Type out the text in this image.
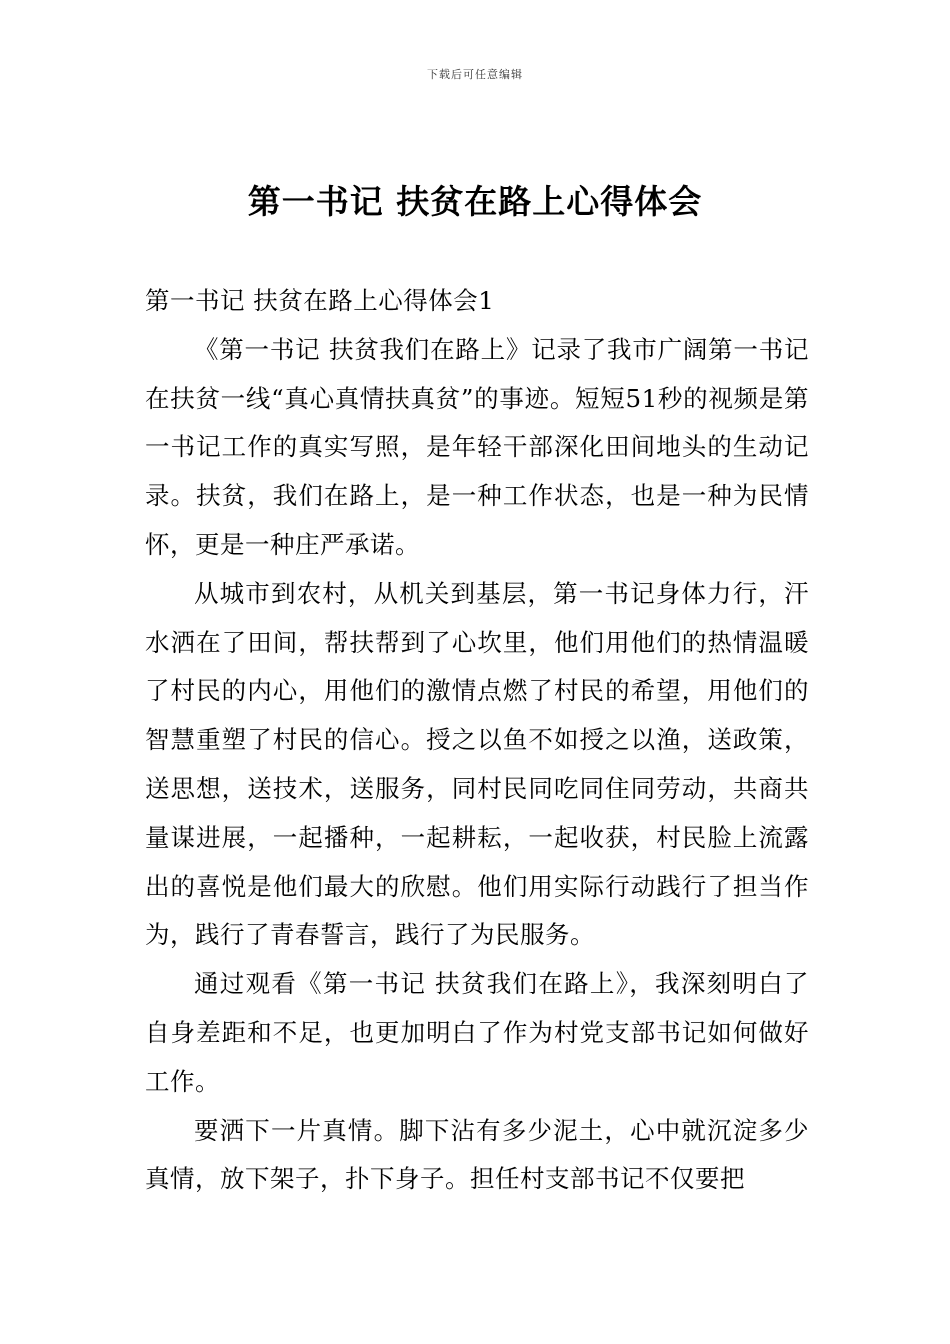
下载后可任意编辑
第一书记 扶贫在路上心得体会

第一书记 扶贫在路上心得体会1

《第一书记 扶贫我们在路上》记录了我市广阔第一书记在扶贫一线“真心真情扶真贫”的事迹。短短51秒的视频是第一书记工作的真实写照，是年轻干部深化田间地头的生动记录。扶贫，我们在路上，是一种工作状态，也是一种为民情怀，更是一种庄严承诺。

从城市到农村，从机关到基层，第一书记身体力行，汗水洒在了田间，帮扶帮到了心坎里，他们用他们的热情温暖了村民的内心，用他们的激情点燃了村民的希望，用他们的智慧重塑了村民的信心。授之以鱼不如授之以渔，送政策，送思想，送技术，送服务，同村民同吃同住同劳动，共商共量谋进展，一起播种，一起耕耘，一起收获，村民脸上流露出的喜悦是他们最大的欣慰。他们用实际行动践行了担当作为，践行了青春誓言，践行了为民服务。

通过观看《第一书记 扶贫我们在路上》，我深刻明白了自身差距和不足，也更加明白了作为村党支部书记如何做好工作。

要洒下一片真情。脚下沾有多少泥土，心中就沉淀多少真情，放下架子，扑下身子。担任村支部书记不仅要把
